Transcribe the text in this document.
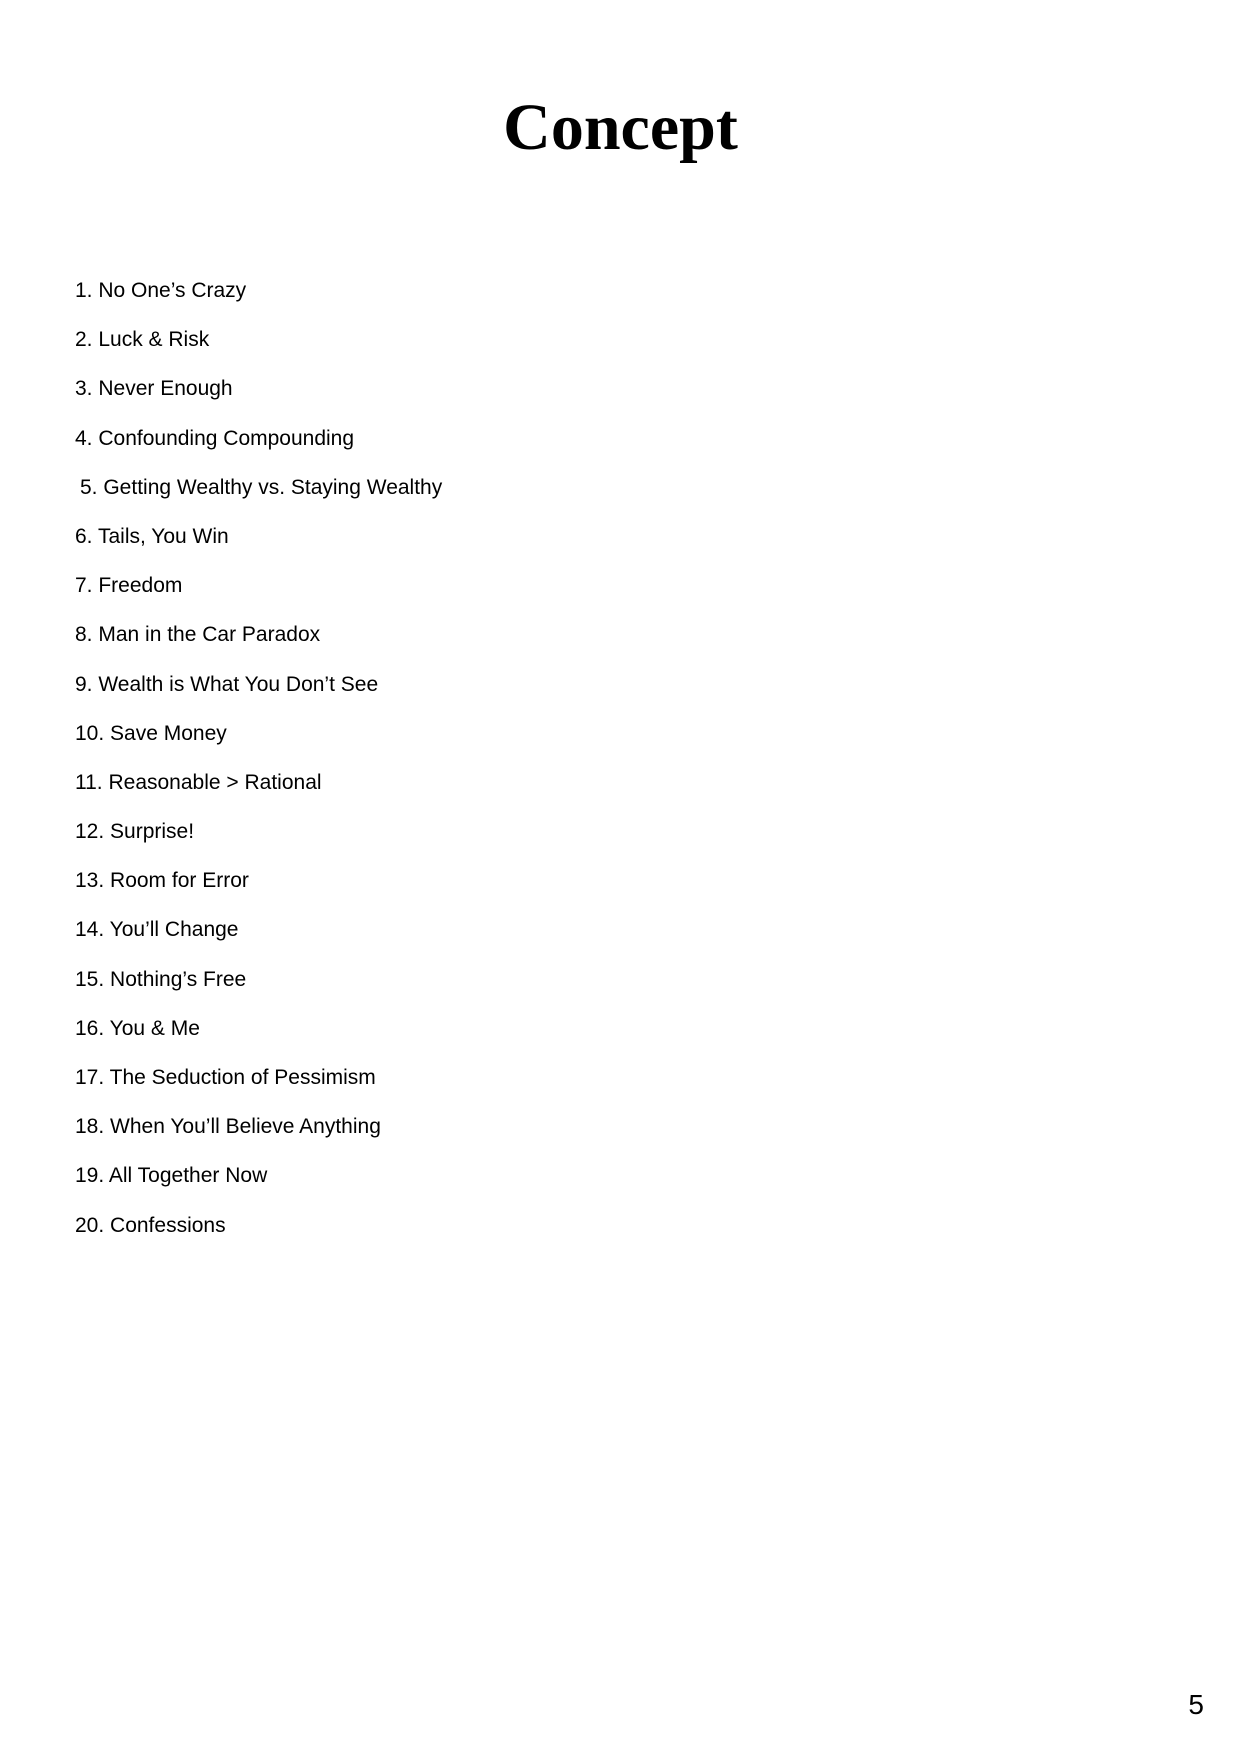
Concept
1. No One’s Crazy
2. Luck & Risk
3. Never Enough
4. Confounding Compounding
5. Getting Wealthy vs. Staying Wealthy
6. Tails, You Win
7. Freedom
8. Man in the Car Paradox
9. Wealth is What You Don’t See
10. Save Money
11. Reasonable > Rational
12. Surprise!
13. Room for Error
14. You’ll Change
15. Nothing’s Free
16. You & Me
17. The Seduction of Pessimism
18. When You’ll Believe Anything
19. All Together Now
20. Confessions
5
